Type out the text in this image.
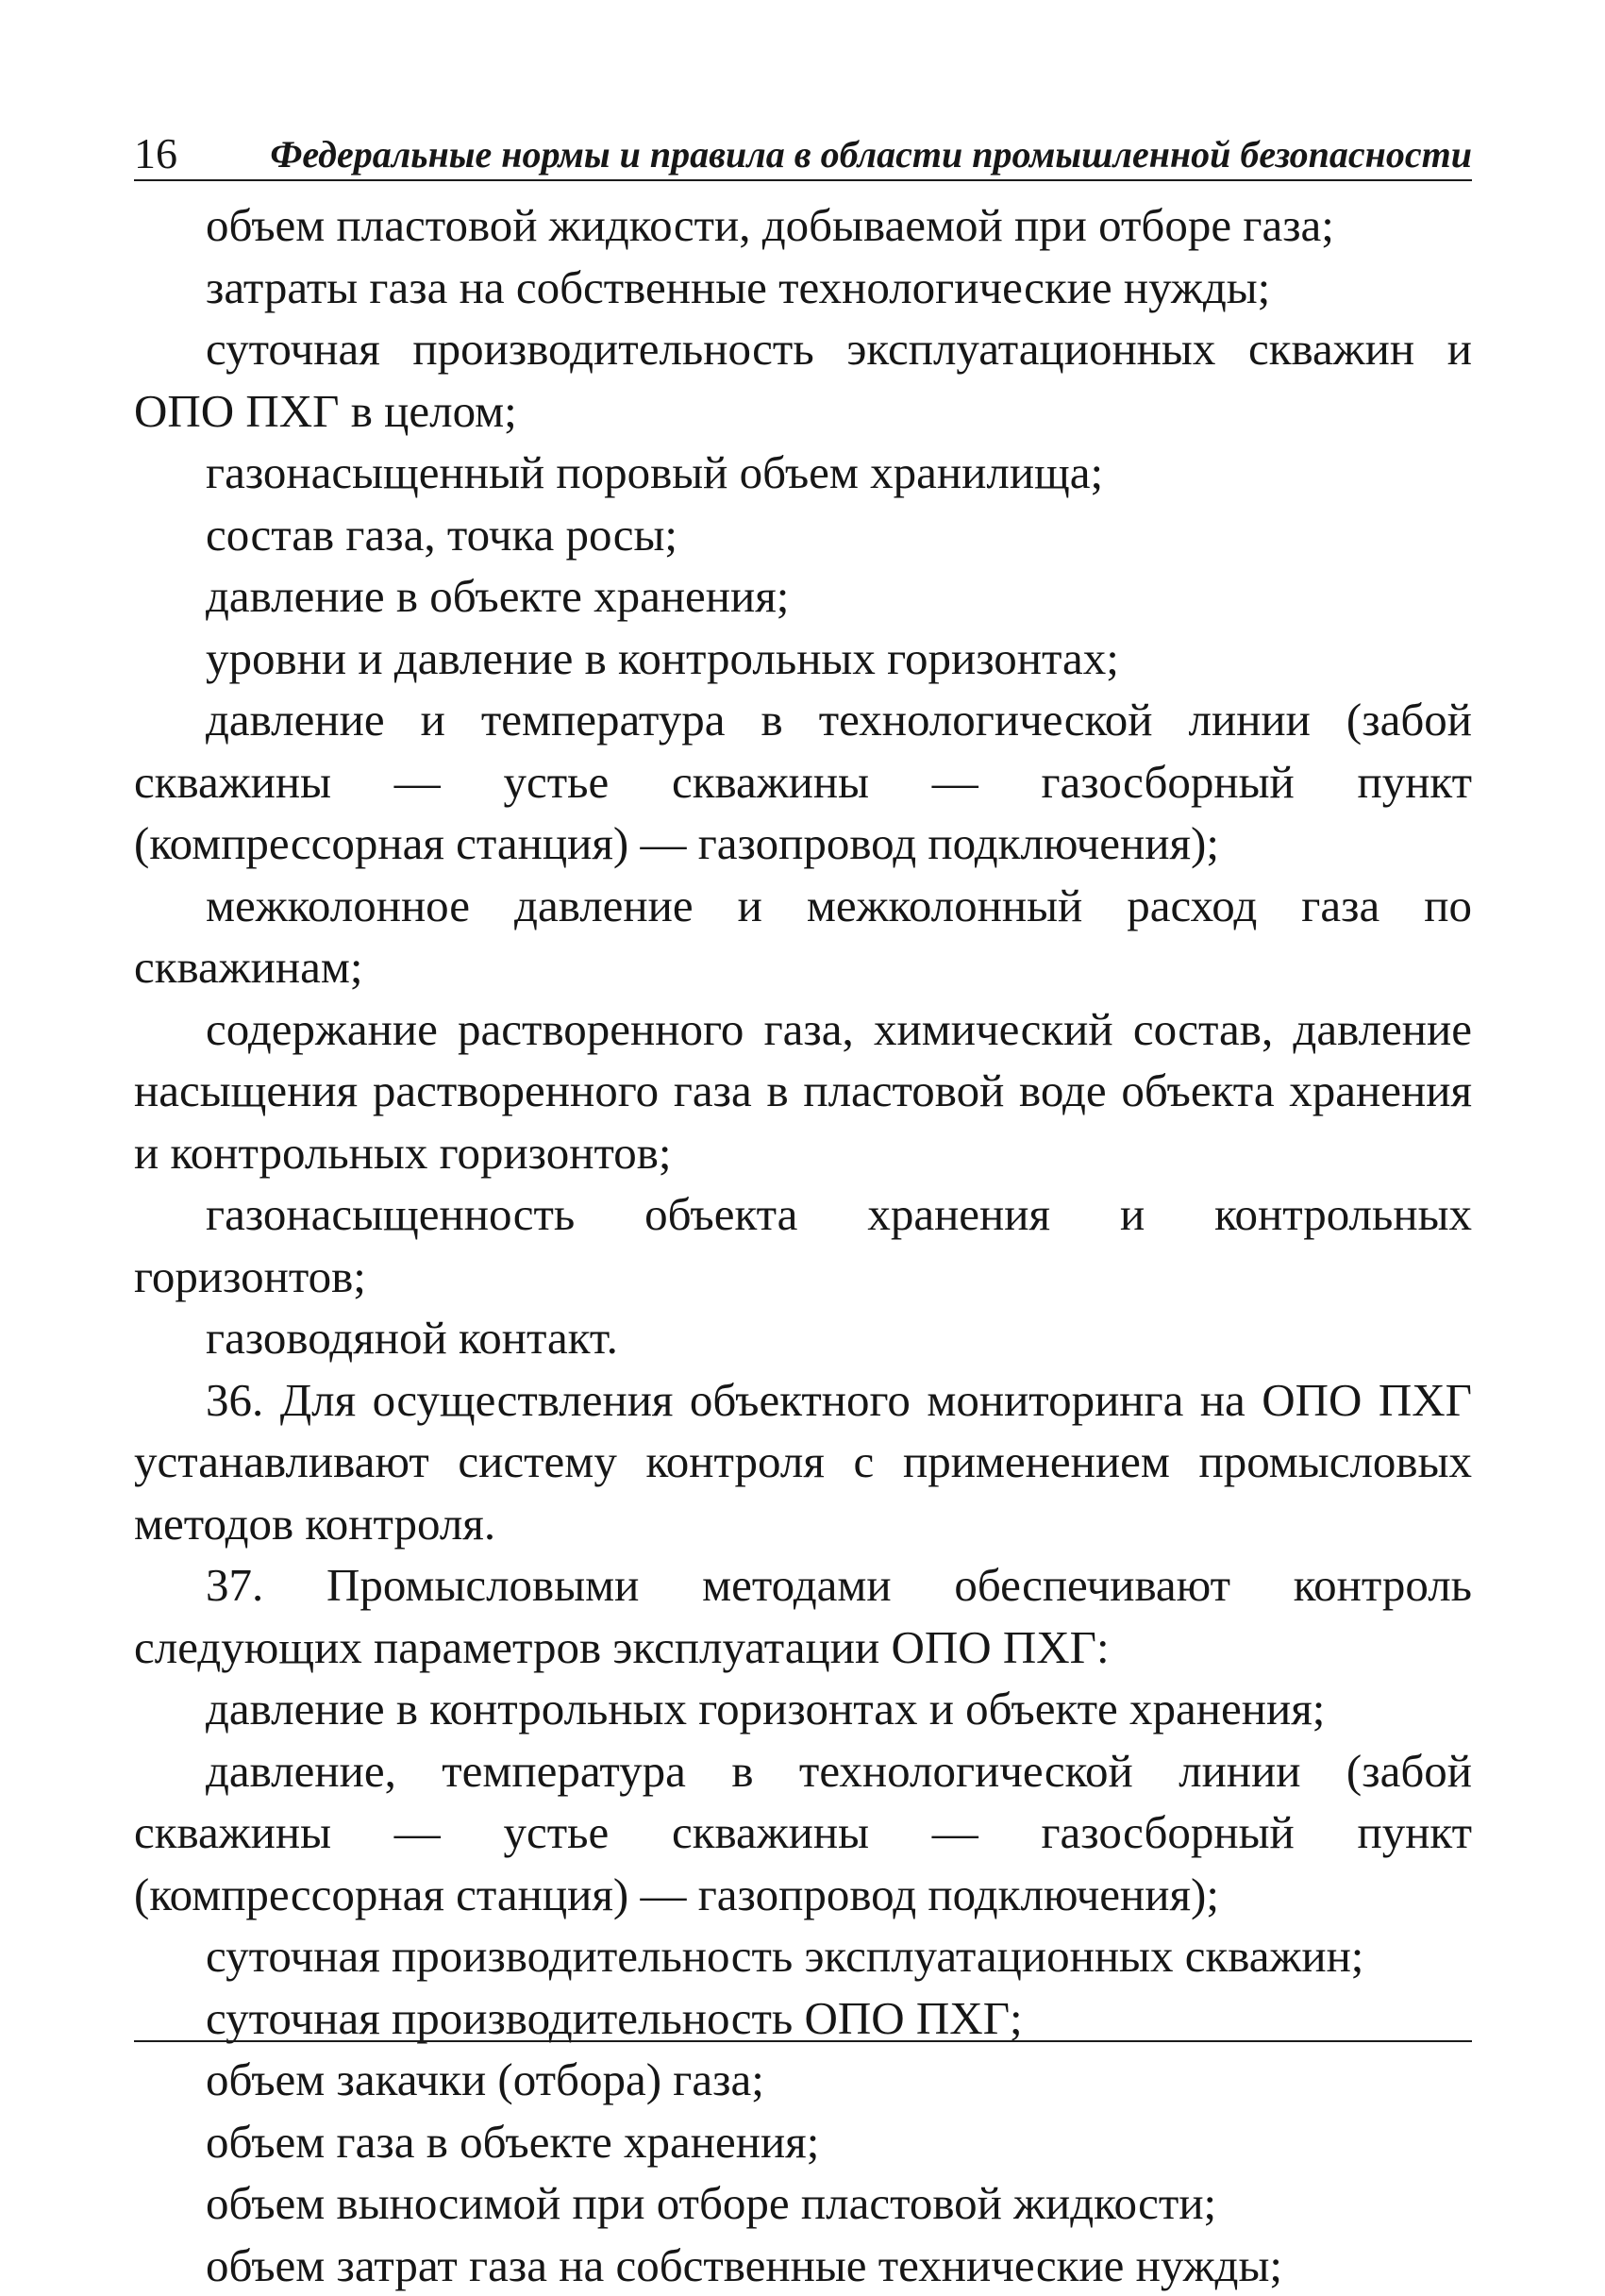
16 Федеральные нормы и правила в области промышленной безопасности

объем пластовой жидкости, добываемой при отборе газа;

затраты газа на собственные технологические нужды;

суточная производительность эксплуатационных скважин и ОПО ПХГ в целом;

газонасыщенный поровый объем хранилища;

состав газа, точка росы;

давление в объекте хранения;

уровни и давление в контрольных горизонтах;

давление и температура в технологической линии (забой скважины — устье скважины — газосборный пункт (компрессорная станция) — газопровод подключения);

межколонное давление и межколонный расход газа по скважинам;

содержание растворенного газа, химический состав, давление насыщения растворенного газа в пластовой воде объекта хранения и контрольных горизонтов;

газонасыщенность объекта хранения и контрольных горизонтов;

газоводяной контакт.

36. Для осуществления объектного мониторинга на ОПО ПХГ устанавливают систему контроля с применением промысловых методов контроля.

37. Промысловыми методами обеспечивают контроль следующих параметров эксплуатации ОПО ПХГ:

давление в контрольных горизонтах и объекте хранения;

давление, температура в технологической линии (забой скважины — устье скважины — газосборный пункт (компрессорная станция) — газопровод подключения);

суточная производительность эксплуатационных скважин;

суточная производительность ОПО ПХГ;

объем закачки (отбора) газа;

объем газа в объекте хранения;

объем выносимой при отборе пластовой жидкости;

объем затрат газа на собственные технические нужды;
